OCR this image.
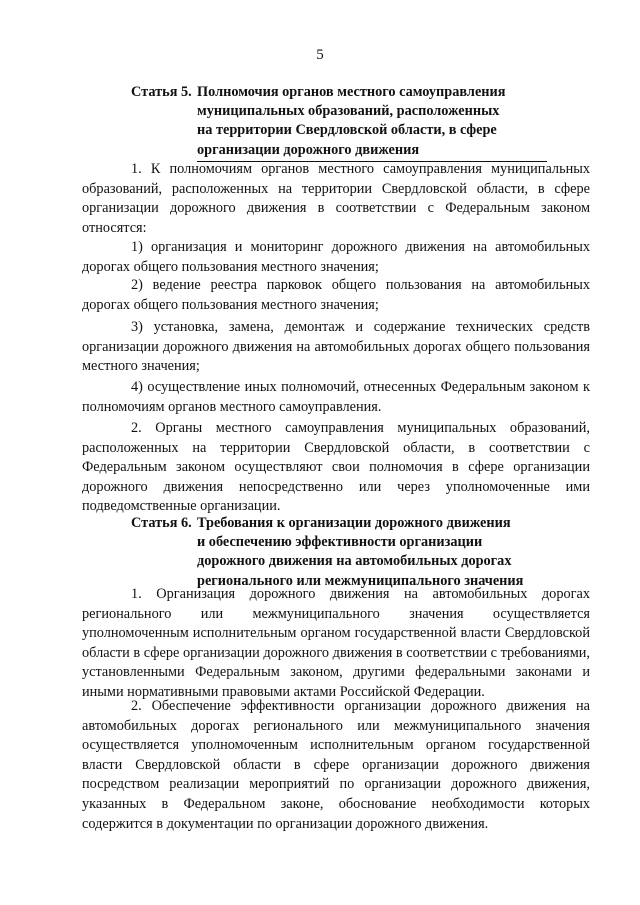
5
Статья 5. Полномочия органов местного самоуправления
муниципальных образований, расположенных
на территории Свердловской области, в сфере
организации дорожного движения

1. К полномочиям органов местного самоуправления муниципальных образований, расположенных на территории Свердловской области, в сфере организации дорожного движения в соответствии с Федеральным законом относятся:

1) организация и мониторинг дорожного движения на автомобильных дорогах общего пользования местного значения;

2) ведение реестра парковок общего пользования на автомобильных дорогах общего пользования местного значения;

3) установка, замена, демонтаж и содержание технических средств организации дорожного движения на автомобильных дорогах общего пользования местного значения;

4) осуществление иных полномочий, отнесенных Федеральным законом к полномочиям органов местного самоуправления.

2. Органы местного самоуправления муниципальных образований, расположенных на территории Свердловской области, в соответствии с Федеральным законом осуществляют свои полномочия в сфере организации дорожного движения непосредственно или через уполномоченные ими подведомственные организации.

Статья 6. Требования к организации дорожного движения
и обеспечению эффективности организации
дорожного движения на автомобильных дорогах
регионального или межмуниципального значения

1. Организация дорожного движения на автомобильных дорогах регионального или межмуниципального значения осуществляется уполномоченным исполнительным органом государственной власти Свердловской области в сфере организации дорожного движения в соответствии с требованиями, установленными Федеральным законом, другими федеральными законами и иными нормативными правовыми актами Российской Федерации.

2. Обеспечение эффективности организации дорожного движения на автомобильных дорогах регионального или межмуниципального значения осуществляется уполномоченным исполнительным органом государственной власти Свердловской области в сфере организации дорожного движения посредством реализации мероприятий по организации дорожного движения, указанных в Федеральном законе, обоснование необходимости которых содержится в документации по организации дорожного движения.
